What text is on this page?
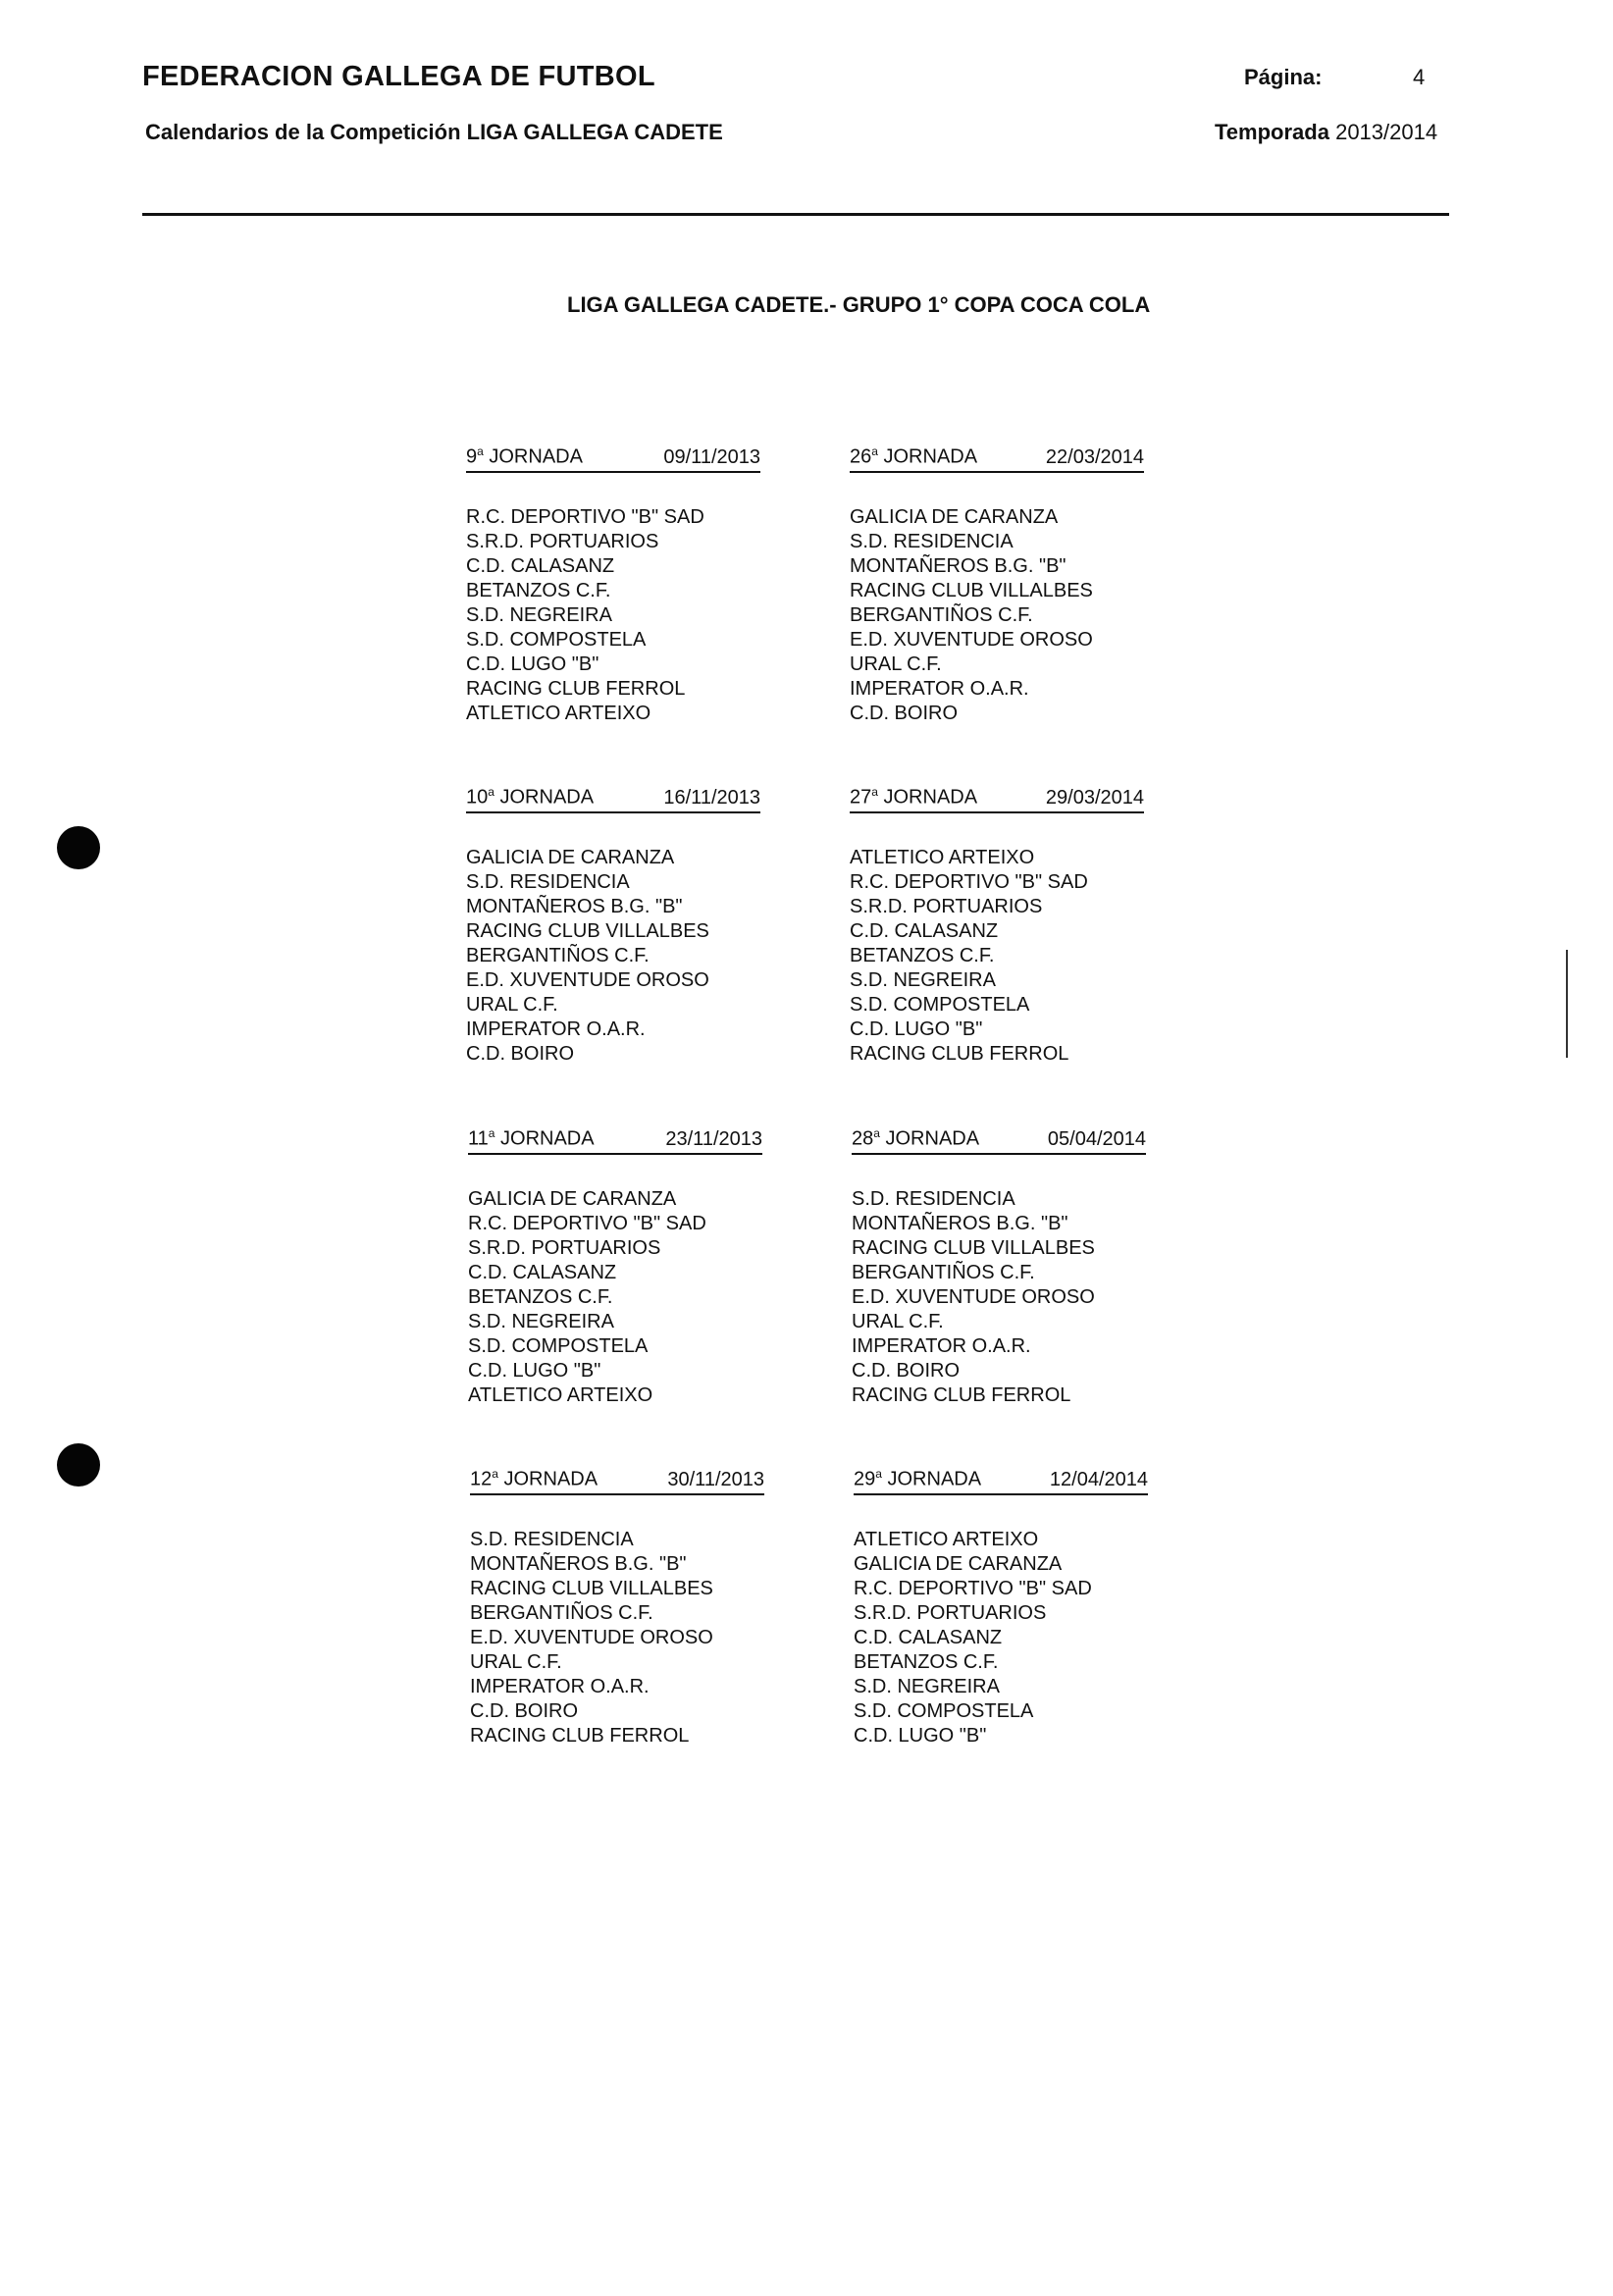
FEDERACION GALLEGA DE FUTBOL	Página:	4
Calendarios de la Competición LIGA GALLEGA CADETE	Temporada 2013/2014
LIGA GALLEGA CADETE.- GRUPO 1° COPA COCA COLA
9$^a$ JORNADA	09/11/2013
R.C. DEPORTIVO "B" SAD
S.R.D. PORTUARIOS
C.D. CALASANZ
BETANZOS C.F.
S.D. NEGREIRA
S.D. COMPOSTELA
C.D. LUGO "B"
RACING CLUB FERROL
ATLETICO ARTEIXO
26$^a$ JORNADA	22/03/2014
GALICIA DE CARANZA
S.D. RESIDENCIA
MONTAÑEROS B.G. "B"
RACING CLUB VILLALBES
BERGANTIÑOS C.F.
E.D. XUVENTUDE OROSO
URAL C.F.
IMPERATOR O.A.R.
C.D. BOIRO
10$^a$ JORNADA	16/11/2013
GALICIA DE CARANZA
S.D. RESIDENCIA
MONTAÑEROS B.G. "B"
RACING CLUB VILLALBES
BERGANTIÑOS C.F.
E.D. XUVENTUDE OROSO
URAL C.F.
IMPERATOR O.A.R.
C.D. BOIRO
27$^a$ JORNADA	29/03/2014
ATLETICO ARTEIXO
R.C. DEPORTIVO "B" SAD
S.R.D. PORTUARIOS
C.D. CALASANZ
BETANZOS C.F.
S.D. NEGREIRA
S.D. COMPOSTELA
C.D. LUGO "B"
RACING CLUB FERROL
11$^a$ JORNADA	23/11/2013
GALICIA DE CARANZA
R.C. DEPORTIVO "B" SAD
S.R.D. PORTUARIOS
C.D. CALASANZ
BETANZOS C.F.
S.D. NEGREIRA
S.D. COMPOSTELA
C.D. LUGO "B"
ATLETICO ARTEIXO
28$^a$ JORNADA	05/04/2014
S.D. RESIDENCIA
MONTAÑEROS B.G. "B"
RACING CLUB VILLALBES
BERGANTIÑOS C.F.
E.D. XUVENTUDE OROSO
URAL C.F.
IMPERATOR O.A.R.
C.D. BOIRO
RACING CLUB FERROL
12$^a$ JORNADA	30/11/2013
S.D. RESIDENCIA
MONTAÑEROS B.G. "B"
RACING CLUB VILLALBES
BERGANTIÑOS C.F.
E.D. XUVENTUDE OROSO
URAL C.F.
IMPERATOR O.A.R.
C.D. BOIRO
RACING CLUB FERROL
29$^a$ JORNADA	12/04/2014
ATLETICO ARTEIXO
GALICIA DE CARANZA
R.C. DEPORTIVO "B" SAD
S.R.D. PORTUARIOS
C.D. CALASANZ
BETANZOS C.F.
S.D. NEGREIRA
S.D. COMPOSTELA
C.D. LUGO "B"
